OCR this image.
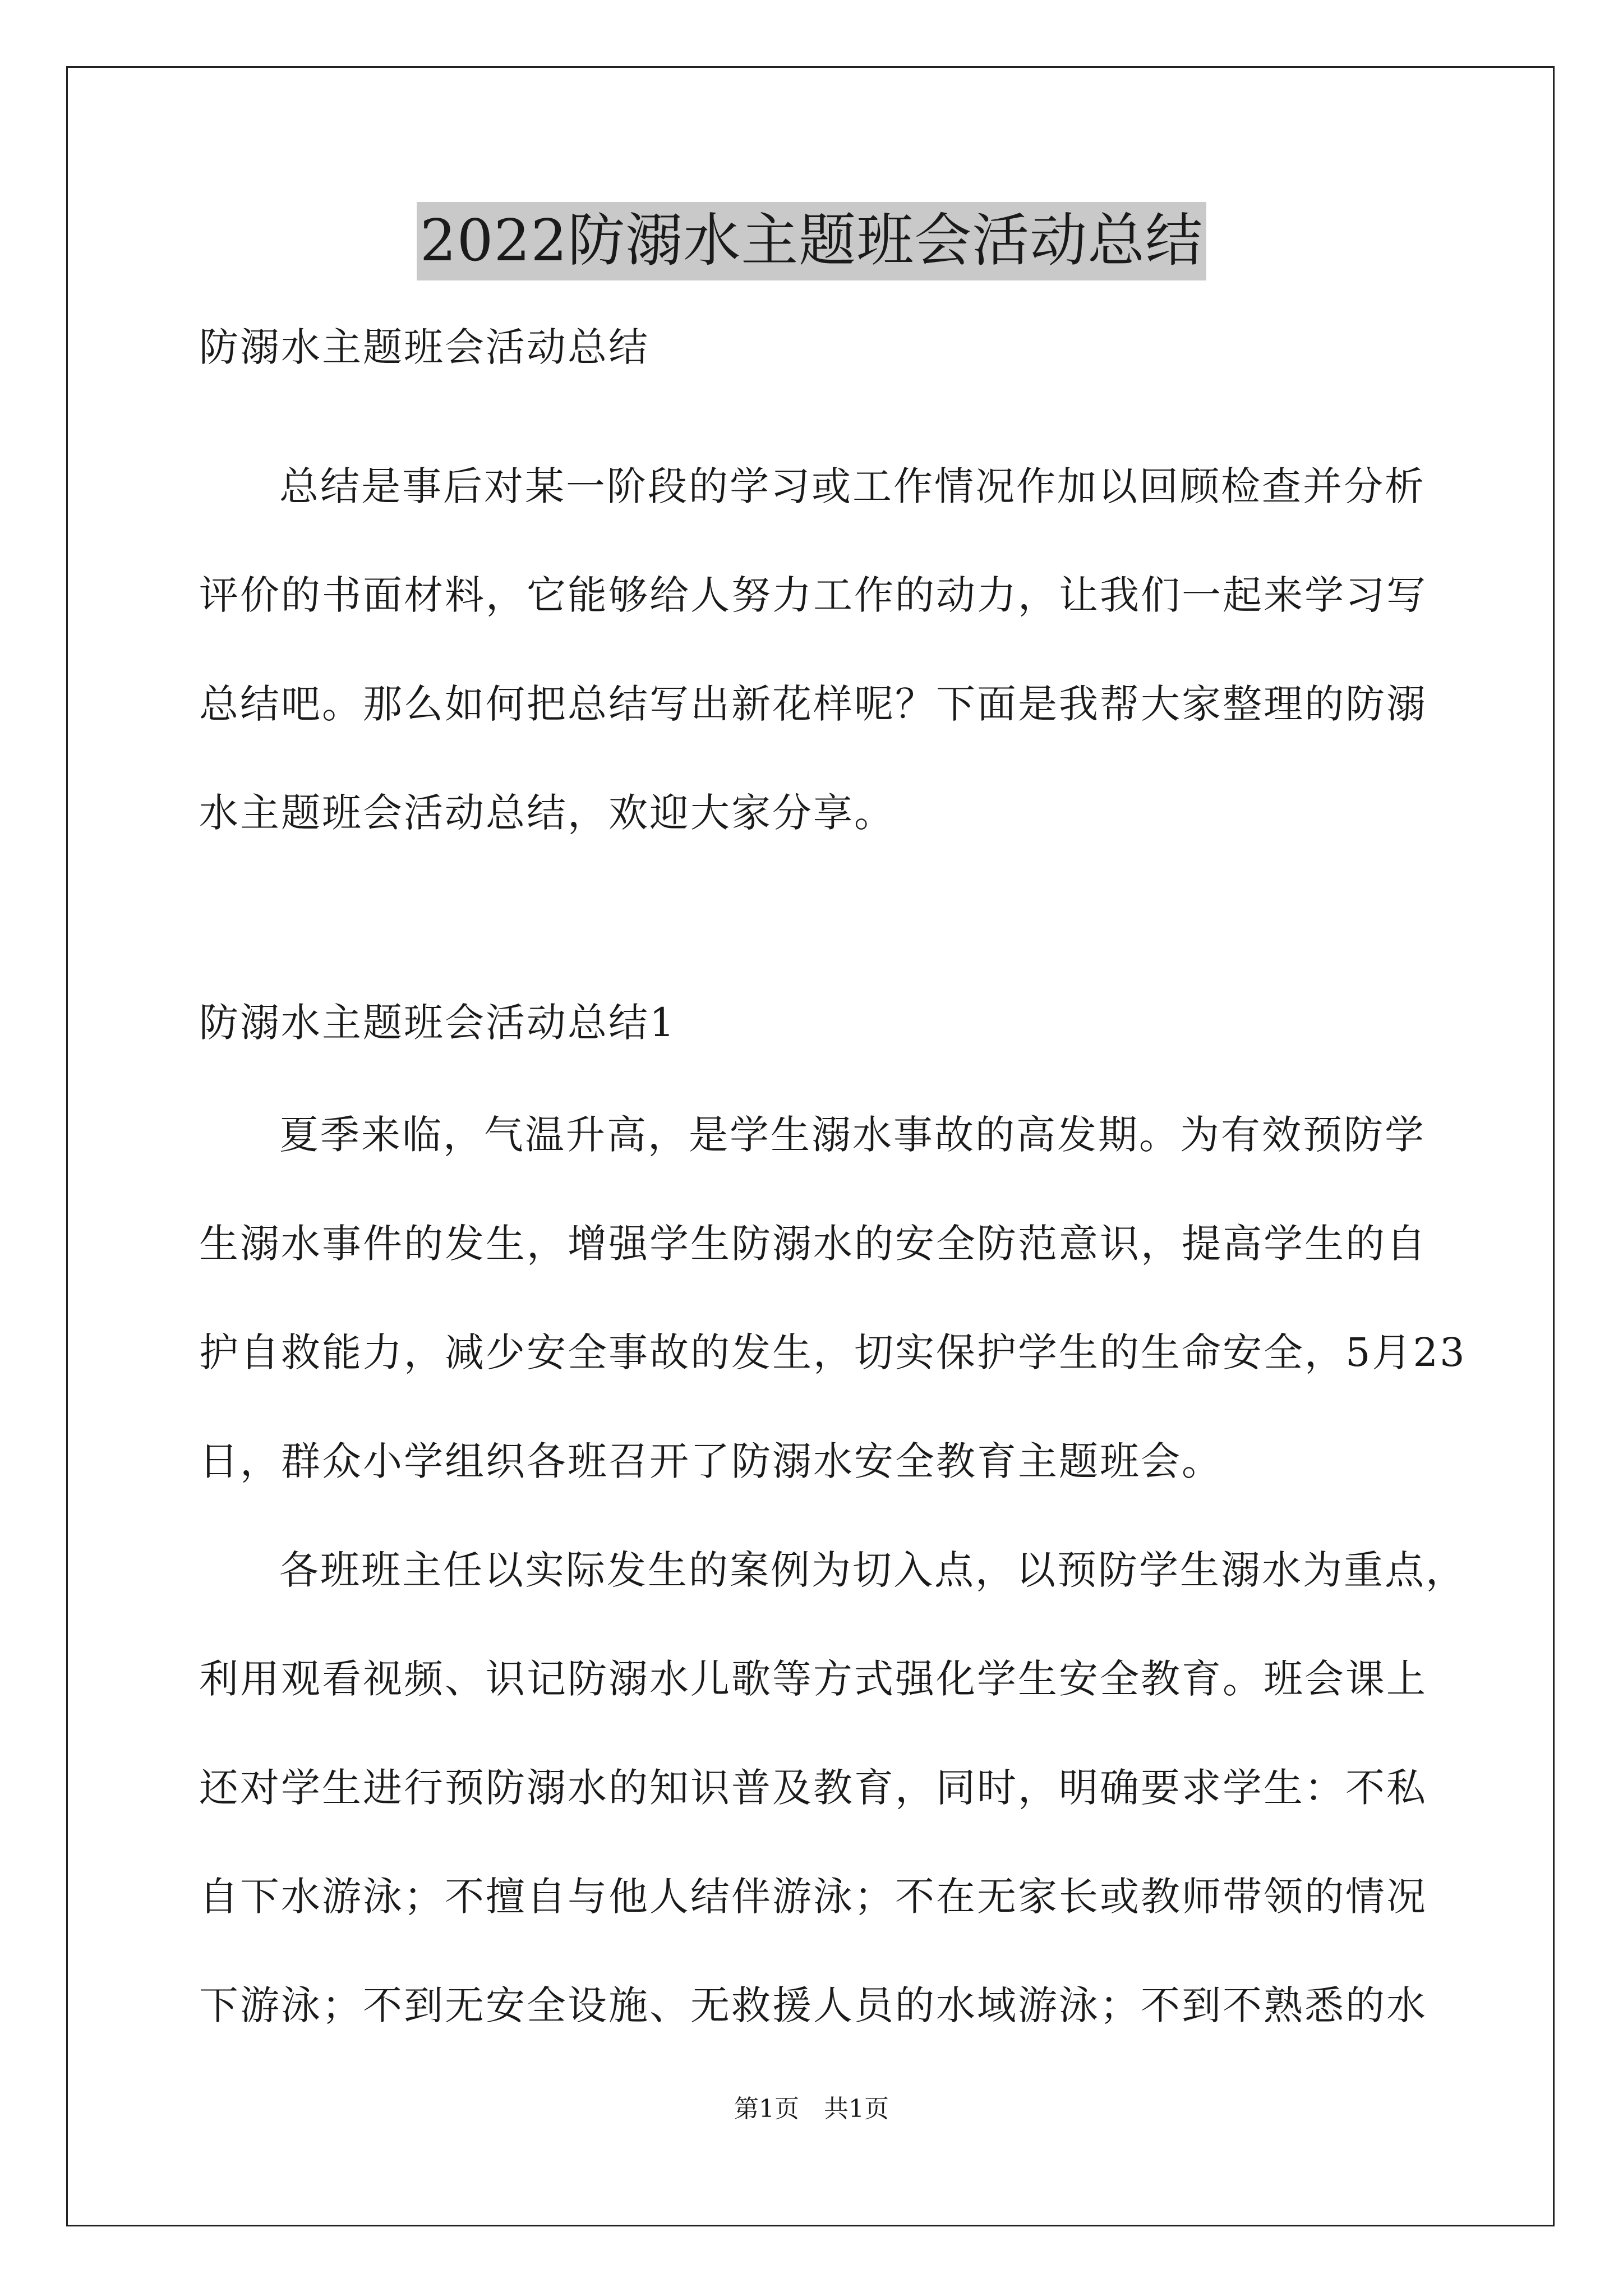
2022防溺水主题班会活动总结
防溺水主题班会活动总结
总结是事后对某一阶段的学习或工作情况作加以回顾检查并分析
评价的书面材料，它能够给人努力工作的动力，让我们一起来学习写
总结吧。那么如何把总结写出新花样呢？下面是我帮大家整理的防溺
水主题班会活动总结，欢迎大家分享。
防溺水主题班会活动总结1
夏季来临，气温升高，是学生溺水事故的高发期。为有效预防学
生溺水事件的发生，增强学生防溺水的安全防范意识，提高学生的自
护自救能力，减少安全事故的发生，切实保护学生的生命安全，5月23
日，群众小学组织各班召开了防溺水安全教育主题班会。
各班班主任以实际发生的案例为切入点，以预防学生溺水为重点，
利用观看视频、识记防溺水儿歌等方式强化学生安全教育。班会课上
还对学生进行预防溺水的知识普及教育，同时，明确要求学生：不私
自下水游泳；不擅自与他人结伴游泳；不在无家长或教师带领的情况
下游泳；不到无安全设施、无救援人员的水域游泳；不到不熟悉的水
第1页　共1页
